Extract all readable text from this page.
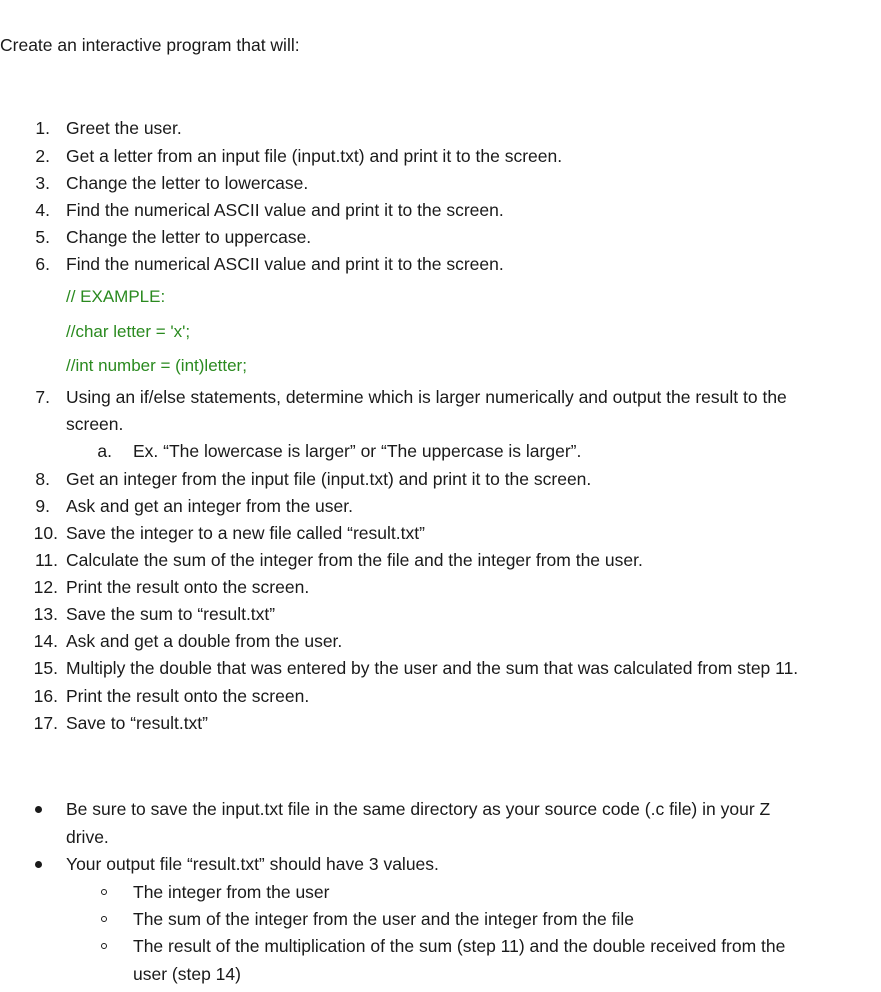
Create an interactive program that will:
1. Greet the user.
2. Get a letter from an input file (input.txt) and print it to the screen.
3. Change the letter to lowercase.
4. Find the numerical ASCII value and print it to the screen.
5. Change the letter to uppercase.
6. Find the numerical ASCII value and print it to the screen.
// EXAMPLE:
//char letter = 'x';
//int number = (int)letter;
7. Using an if/else statements, determine which is larger numerically and output the result to the
screen.
a. Ex. “The lowercase is larger” or “The uppercase is larger”.
8. Get an integer from the input file (input.txt) and print it to the screen.
9. Ask and get an integer from the user.
10. Save the integer to a new file called “result.txt”
11. Calculate the sum of the integer from the file and the integer from the user.
12. Print the result onto the screen.
13. Save the sum to “result.txt”
14. Ask and get a double from the user.
15. Multiply the double that was entered by the user and the sum that was calculated from step 11.
16. Print the result onto the screen.
17. Save to “result.txt”
Be sure to save the input.txt file in the same directory as your source code (.c file) in your Z
drive.
Your output file “result.txt” should have 3 values.
The integer from the user
The sum of the integer from the user and the integer from the file
The result of the multiplication of the sum (step 11) and the double received from the
user (step 14)
